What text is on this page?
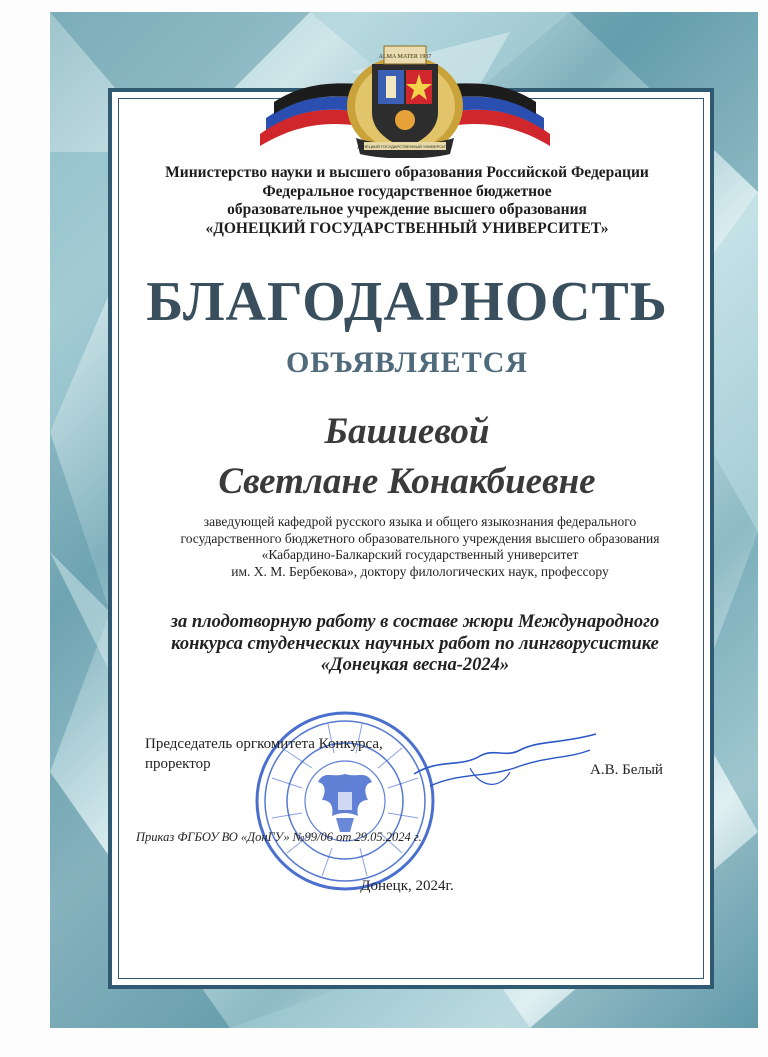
ALMA MATER 1937
ДОНЕЦКИЙ ГОСУДАРСТВЕННЫЙ УНИВЕРСИТЕТ
Министерство науки и высшего образования Российской Федерации
Федеральное государственное бюджетное
образовательное учреждение высшего образования
«ДОНЕЦКИЙ ГОСУДАРСТВЕННЫЙ УНИВЕРСИТЕТ»
БЛАГОДАРНОСТЬ
ОБЪЯВЛЯЕТСЯ
Башиевой
Светлане Конакбиевне
заведующей кафедрой русского языка и общего языкознания федерального
государственного бюджетного образовательного учреждения высшего образования
«Кабардино-Балкарский государственный университет
им. Х. М. Бербекова», доктору филологических наук, профессору
за плодотворную работу в составе жюри Международного
конкурса студенческих научных работ по лингворусистике
«Донецкая весна-2024»
Председатель оргкомитета Конкурса,
проректор	А.В. Белый
Приказ ФГБОУ ВО «ДонГУ» №99/06 от 29.05.2024 г.
Донецк, 2024г.
